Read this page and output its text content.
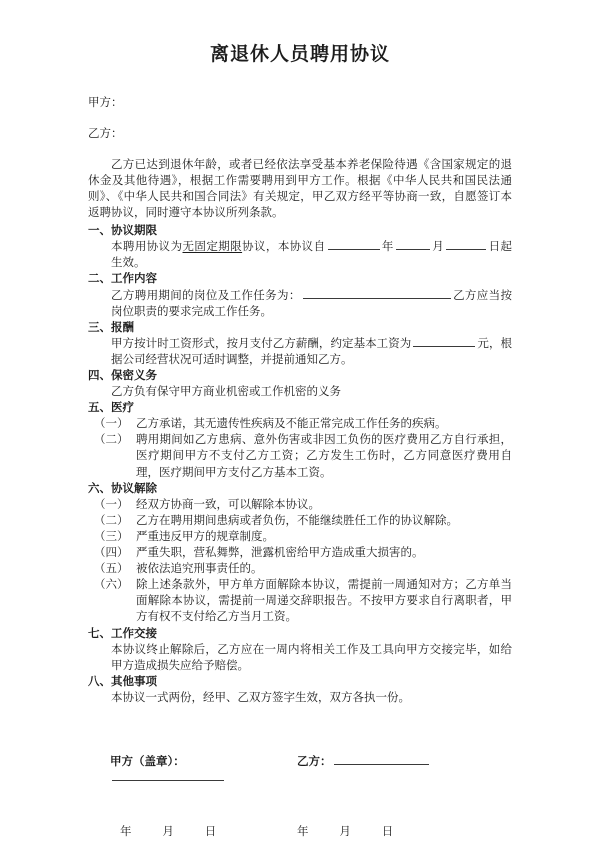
离退休人员聘用协议
甲方：
乙方：

乙方已达到退休年龄，或者已经依法享受基本养老保险待遇《含国家规定的退休金及其他待遇》，根据工作需要聘用到甲方工作。根据《中华人民共和国民法通则》、《中华人民共和国合同法》有关规定，甲乙双方经平等协商一致，自愿签订本返聘协议，同时遵守本协议所列条款。

一、协议期限
本聘用协议为无固定期限协议，本协议自	年	月	日起生效。
二、工作内容
乙方聘用期间的岗位及工作任务为：	乙方应当按岗位职责的要求完成工作任务。
三、报酬
甲方按计时工资形式，按月支付乙方薪酬，约定基本工资为	元，根据公司经营状况可适时调整，并提前通知乙方。
四、保密义务
乙方负有保守甲方商业机密或工作机密的义务
五、医疗
（一） 乙方承诺，其无遗传性疾病及不能正常完成工作任务的疾病。
（二） 聘用期间如乙方患病、意外伤害或非因工负伤的医疗费用乙方自行承担，医疗期间甲方不支付乙方工资；乙方发生工伤时，乙方同意医疗费用自理，医疗期间甲方支付乙方基本工资。
六、协议解除
（一） 经双方协商一致，可以解除本协议。
（二） 乙方在聘用期间患病或者负伤，不能继续胜任工作的协议解除。
（三） 严重违反甲方的规章制度。
（四） 严重失职，营私舞弊，泄露机密给甲方造成重大损害的。
（五） 被依法追究刑事责任的。
（六） 除上述条款外，甲方单方面解除本协议，需提前一周通知对方；乙方单当面解除本协议，需提前一周递交辞职报告。不按甲方要求自行离职者，甲方有权不支付给乙方当月工资。
七、工作交接
本协议终止解除后，乙方应在一周内将相关工作及工具向甲方交接完毕，如给甲方造成损失应给予赔偿。
八、其他事项
本协议一式两份，经甲、乙双方签字生效，双方各执一份。
甲方（盖章）：	乙方：
年	月	日	年	月	日
